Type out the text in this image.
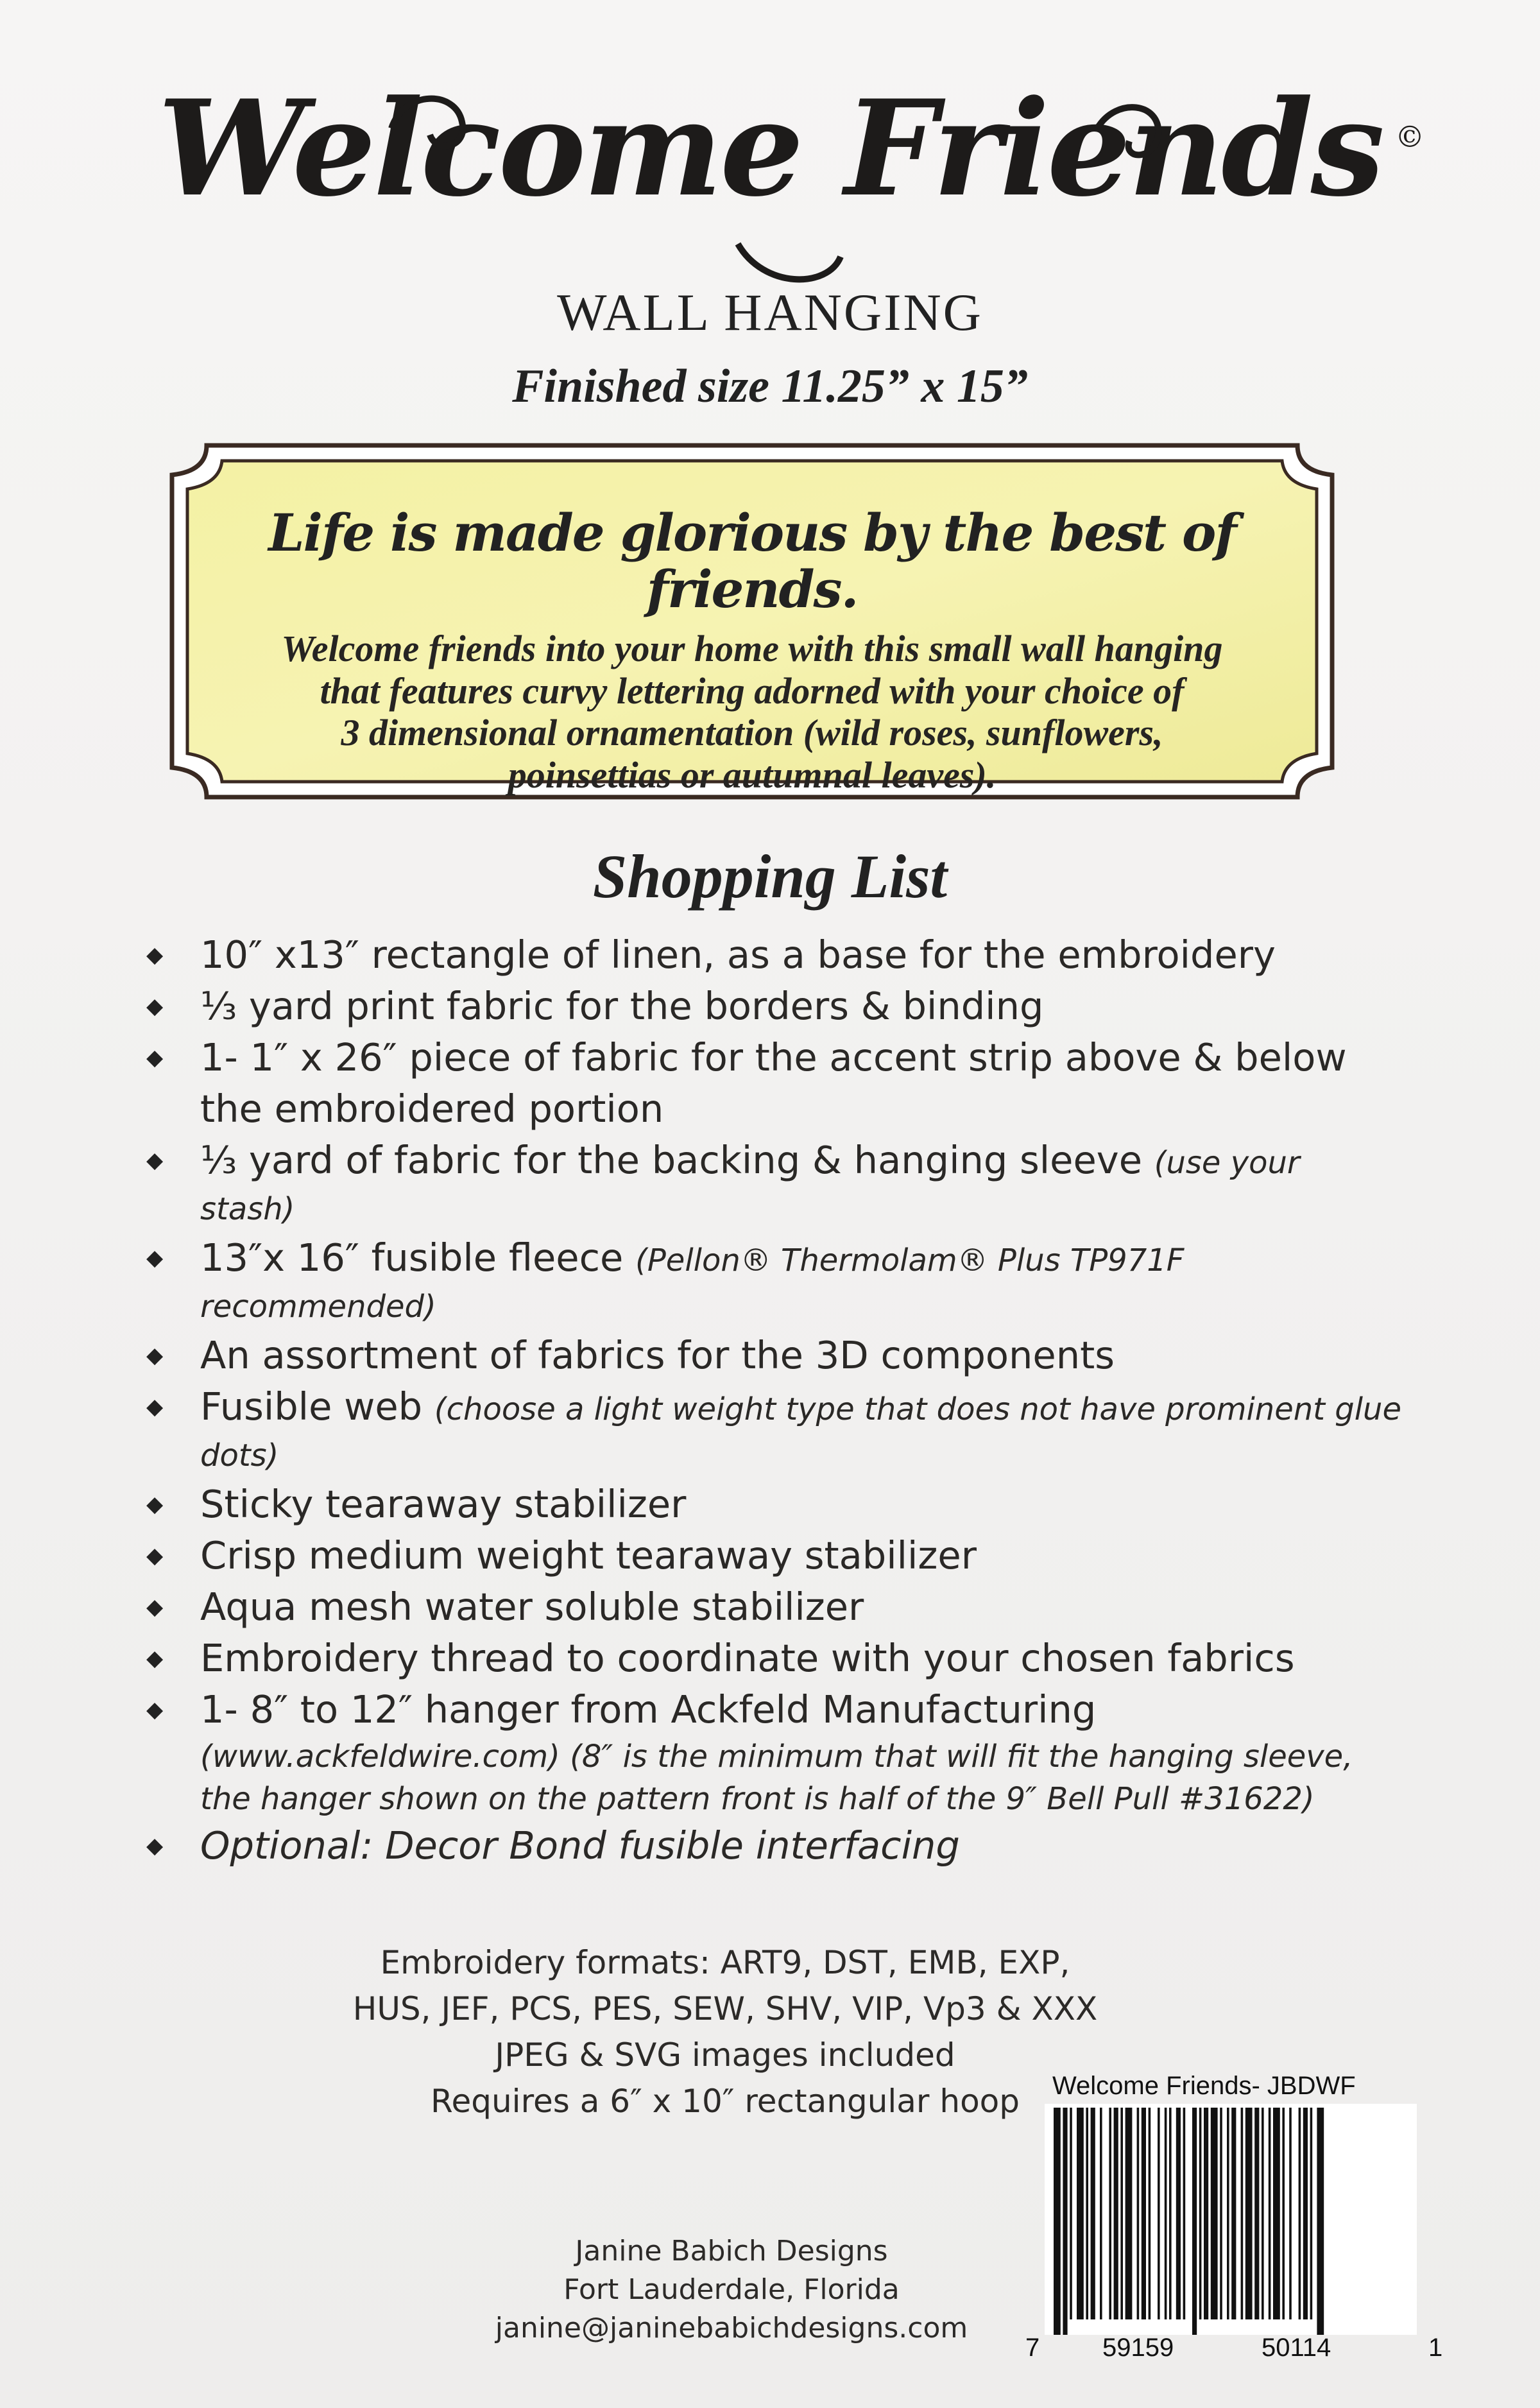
Welcome Friends ©
WALL HANGING
Finished size 11.25” x 15”
Life is made glorious by the best of friends.
Welcome friends into your home with this small wall hanging
that features curvy lettering adorned with your choice of
3 dimensional ornamentation (wild roses, sunflowers,
poinsettias or autumnal leaves).
Shopping List
◆ 10″ x13″ rectangle of linen, as a base for the embroidery
◆ ¹⁄₃ yard print fabric for the borders & binding
◆ 1- 1″ x 26″ piece of fabric for the accent strip above & below
the embroidered portion
◆ ¹⁄₃ yard of fabric for the backing & hanging sleeve (use your
stash)
◆ 13″x 16″ fusible fleece (Pellon® Thermolam® Plus TP971F
recommended)
◆ An assortment of fabrics for the 3D components
◆ Fusible web (choose a light weight type that does not have prominent glue
dots)
◆ Sticky tearaway stabilizer
◆ Crisp medium weight tearaway stabilizer
◆ Aqua mesh water soluble stabilizer
◆ Embroidery thread to coordinate with your chosen fabrics
◆ 1- 8″ to 12″ hanger from Ackfeld Manufacturing
(www.ackfeldwire.com) (8″ is the minimum that will fit the hanging sleeve,
the hanger shown on the pattern front is half of the 9″ Bell Pull #31622)
◆ Optional: Decor Bond fusible interfacing
Embroidery formats: ART9, DST, EMB, EXP,
HUS, JEF, PCS, PES, SEW, SHV, VIP, Vp3 & XXX
JPEG & SVG images included
Requires a 6″ x 10″ rectangular hoop
Janine Babich Designs
Fort Lauderdale, Florida
janine@janinebabichdesigns.com
Welcome Friends- JBDWF
7 59159	50114	1
